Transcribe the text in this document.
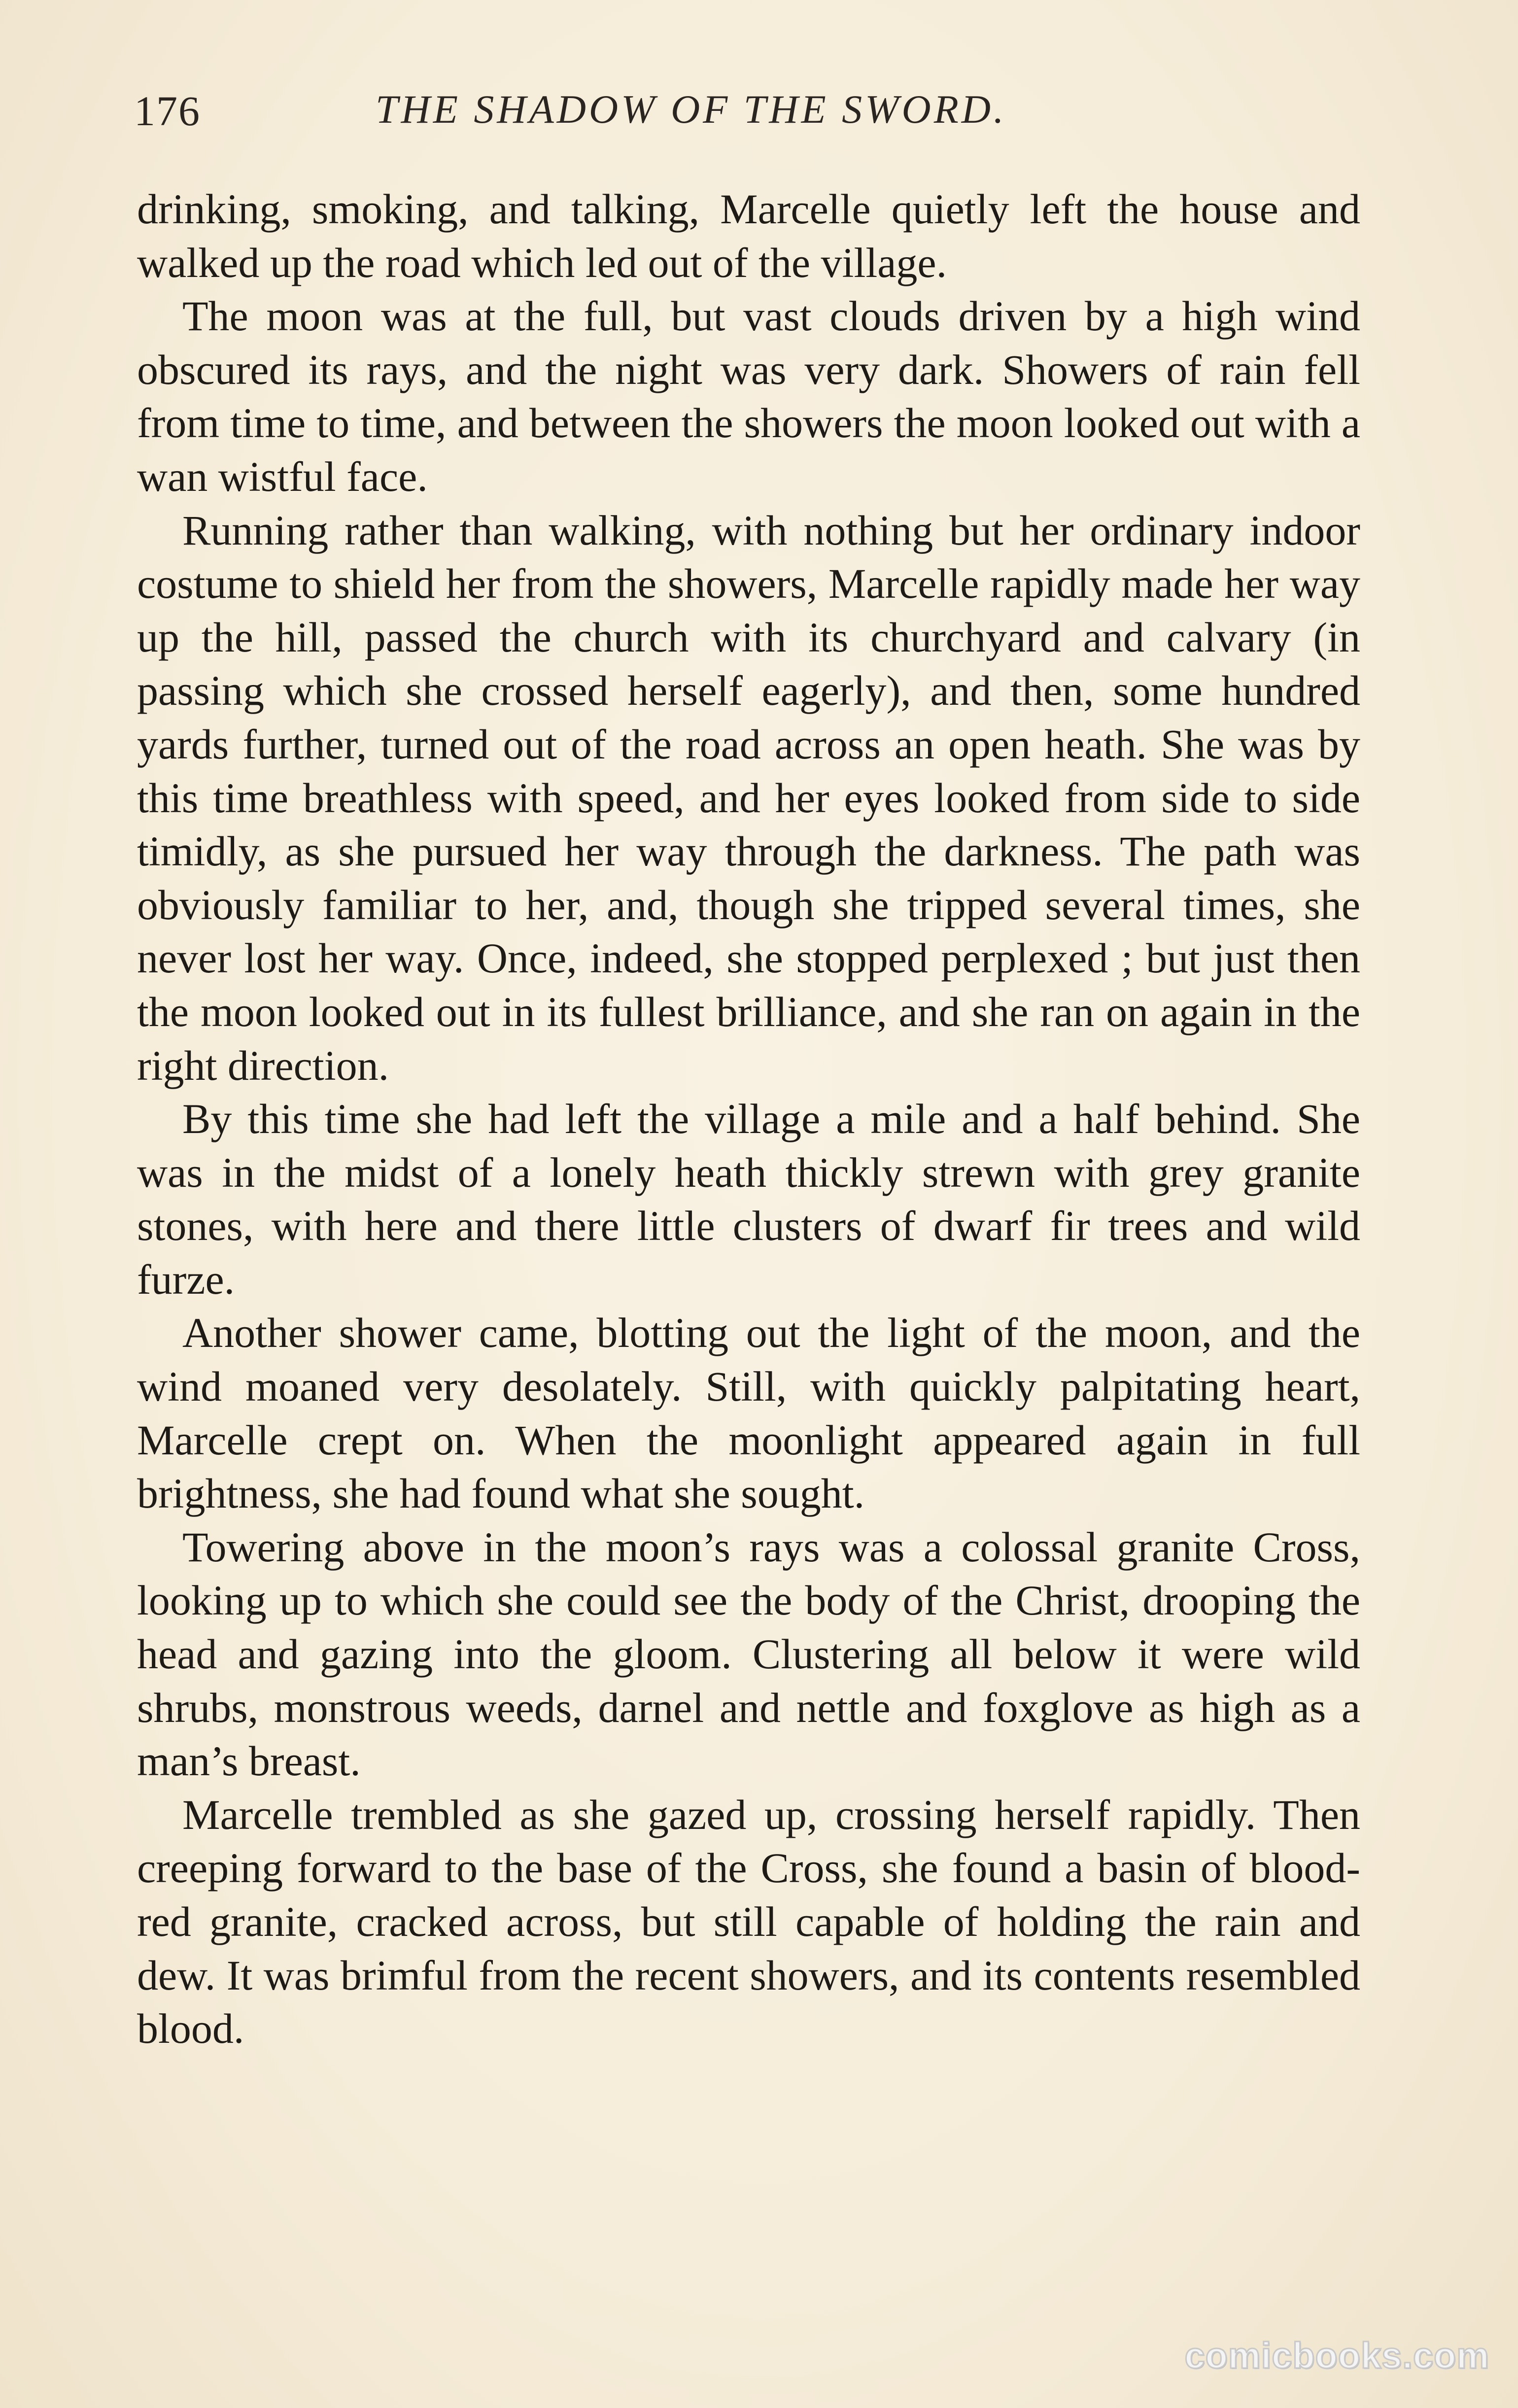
176	THE SHADOW OF THE SWORD.

drinking, smoking, and talking, Marcelle quietly left the house and walked up the road which led out of the village.

The moon was at the full, but vast clouds driven by a high wind obscured its rays, and the night was very dark. Showers of rain fell from time to time, and between the showers the moon looked out with a wan wistful face.

Running rather than walking, with nothing but her ordinary indoor costume to shield her from the showers, Marcelle rapidly made her way up the hill, passed the church with its churchyard and calvary (in passing which she crossed herself eagerly), and then, some hundred yards further, turned out of the road across an open heath. She was by this time breathless with speed, and her eyes looked from side to side timidly, as she pursued her way through the darkness. The path was obviously familiar to her, and, though she tripped several times, she never lost her way. Once, indeed, she stopped perplexed ; but just then the moon looked out in its fullest brilliance, and she ran on again in the right direction.

By this time she had left the village a mile and a half behind. She was in the midst of a lonely heath thickly strewn with grey granite stones, with here and there little clusters of dwarf fir trees and wild furze.

Another shower came, blotting out the light of the moon, and the wind moaned very desolately. Still, with quickly palpitating heart, Marcelle crept on. When the moonlight appeared again in full brightness, she had found what she sought.

Towering above in the moon’s rays was a colossal granite Cross, looking up to which she could see the body of the Christ, drooping the head and gazing into the gloom. Clustering all below it were wild shrubs, monstrous weeds, darnel and nettle and foxglove as high as a man’s breast.

Marcelle trembled as she gazed up, crossing herself rapidly. Then creeping forward to the base of the Cross, she found a basin of blood-red granite, cracked across, but still capable of holding the rain and dew. It was brimful from the recent showers, and its contents resembled blood.

comicbooks.com
